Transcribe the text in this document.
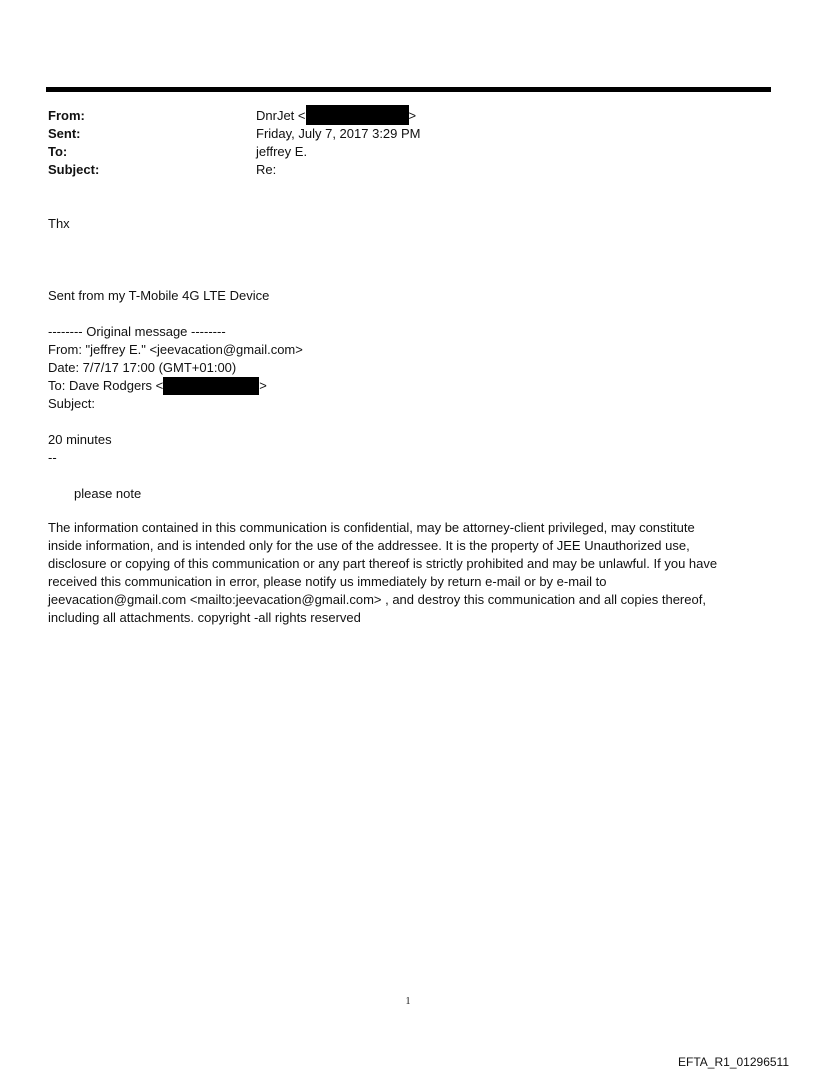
From:	DnrJet <	>
Sent:	Friday, July 7, 2017 3:29 PM
To:	jeffrey E.
Subject:	Re:
Thx
Sent from my T-Mobile 4G LTE Device
-------- Original message --------
From: "jeffrey E." <jeevacation@gmail.com>
Date: 7/7/17 17:00 (GMT+01:00)
To: Dave Rodgers <	>
Subject:
20 minutes
--
please note
The information contained in this communication is confidential, may be attorney-client privileged, may constitute
inside information, and is intended only for the use of the addressee. It is the property of JEE Unauthorized use,
disclosure or copying of this communication or any part thereof is strictly prohibited and may be unlawful. If you have
received this communication in error, please notify us immediately by return e-mail or by e-mail to
jeevacation@gmail.com <mailto:jeevacation@gmail.com> , and destroy this communication and all copies thereof,
including all attachments. copyright -all rights reserved
1
EFTA_R1_01296511
